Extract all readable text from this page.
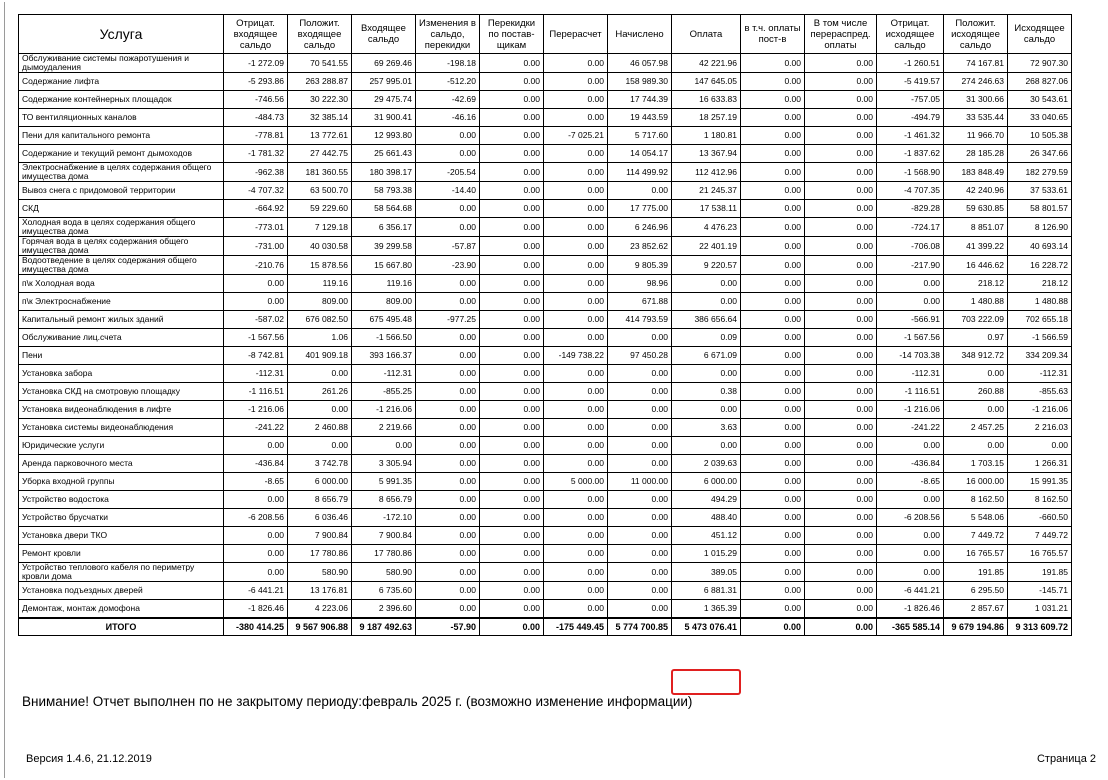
Услуга	Отрицат. входящее сальдо	Положит. входящее сальдо	Входящее сальдо	Изменения в сальдо, перекидки	Перекидки по постав- щикам	Перерасчет	Начислено	Оплата	в т.ч. оплаты пост-в	В том числе перераспред. оплаты	Отрицат. исходящее сальдо	Положит. исходящее сальдо	Исходящее сальдо
Обслуживание системы пожаротушения и дымоудаления	-1 272.09	70 541.55	69 269.46	-198.18	0.00	0.00	46 057.98	42 221.96	0.00	0.00	-1 260.51	74 167.81	72 907.30
Содержание лифта	-5 293.86	263 288.87	257 995.01	-512.20	0.00	0.00	158 989.30	147 645.05	0.00	0.00	-5 419.57	274 246.63	268 827.06
Содержание контейнерных площадок	-746.56	30 222.30	29 475.74	-42.69	0.00	0.00	17 744.39	16 633.83	0.00	0.00	-757.05	31 300.66	30 543.61
ТО вентиляционных каналов	-484.73	32 385.14	31 900.41	-46.16	0.00	0.00	19 443.59	18 257.19	0.00	0.00	-494.79	33 535.44	33 040.65
Пени для капитального ремонта	-778.81	13 772.61	12 993.80	0.00	0.00	-7 025.21	5 717.60	1 180.81	0.00	0.00	-1 461.32	11 966.70	10 505.38
Содержание и текущий ремонт дымоходов	-1 781.32	27 442.75	25 661.43	0.00	0.00	0.00	14 054.17	13 367.94	0.00	0.00	-1 837.62	28 185.28	26 347.66
Электроснабжение в целях содержания общего имущества дома	-962.38	181 360.55	180 398.17	-205.54	0.00	0.00	114 499.92	112 412.96	0.00	0.00	-1 568.90	183 848.49	182 279.59
Вывоз снега с придомовой территории	-4 707.32	63 500.70	58 793.38	-14.40	0.00	0.00	0.00	21 245.37	0.00	0.00	-4 707.35	42 240.96	37 533.61
СКД	-664.92	59 229.60	58 564.68	0.00	0.00	0.00	17 775.00	17 538.11	0.00	0.00	-829.28	59 630.85	58 801.57
Холодная вода в целях содержания общего имущества дома	-773.01	7 129.18	6 356.17	0.00	0.00	0.00	6 246.96	4 476.23	0.00	0.00	-724.17	8 851.07	8 126.90
Горячая вода в целях содержания общего имущества дома	-731.00	40 030.58	39 299.58	-57.87	0.00	0.00	23 852.62	22 401.19	0.00	0.00	-706.08	41 399.22	40 693.14
Водоотведение в целях содержания общего имущества дома	-210.76	15 878.56	15 667.80	-23.90	0.00	0.00	9 805.39	9 220.57	0.00	0.00	-217.90	16 446.62	16 228.72
п\к Холодная вода	0.00	119.16	119.16	0.00	0.00	0.00	98.96	0.00	0.00	0.00	0.00	218.12	218.12
п\к Электроснабжение	0.00	809.00	809.00	0.00	0.00	0.00	671.88	0.00	0.00	0.00	0.00	1 480.88	1 480.88
Капитальный ремонт жилых зданий	-587.02	676 082.50	675 495.48	-977.25	0.00	0.00	414 793.59	386 656.64	0.00	0.00	-566.91	703 222.09	702 655.18
Обслуживание лиц.счета	-1 567.56	1.06	-1 566.50	0.00	0.00	0.00	0.00	0.09	0.00	0.00	-1 567.56	0.97	-1 566.59
Пени	-8 742.81	401 909.18	393 166.37	0.00	0.00	-149 738.22	97 450.28	6 671.09	0.00	0.00	-14 703.38	348 912.72	334 209.34
Установка забора	-112.31	0.00	-112.31	0.00	0.00	0.00	0.00	0.00	0.00	0.00	-112.31	0.00	-112.31
Установка СКД на смотровую площадку	-1 116.51	261.26	-855.25	0.00	0.00	0.00	0.00	0.38	0.00	0.00	-1 116.51	260.88	-855.63
Установка видеонаблюдения в лифте	-1 216.06	0.00	-1 216.06	0.00	0.00	0.00	0.00	0.00	0.00	0.00	-1 216.06	0.00	-1 216.06
Установка системы видеонаблюдения	-241.22	2 460.88	2 219.66	0.00	0.00	0.00	0.00	3.63	0.00	0.00	-241.22	2 457.25	2 216.03
Юридические услуги	0.00	0.00	0.00	0.00	0.00	0.00	0.00	0.00	0.00	0.00	0.00	0.00	0.00
Аренда парковочного места	-436.84	3 742.78	3 305.94	0.00	0.00	0.00	0.00	2 039.63	0.00	0.00	-436.84	1 703.15	1 266.31
Уборка входной группы	-8.65	6 000.00	5 991.35	0.00	0.00	5 000.00	11 000.00	6 000.00	0.00	0.00	-8.65	16 000.00	15 991.35
Устройство водостока	0.00	8 656.79	8 656.79	0.00	0.00	0.00	0.00	494.29	0.00	0.00	0.00	8 162.50	8 162.50
Устройство брусчатки	-6 208.56	6 036.46	-172.10	0.00	0.00	0.00	0.00	488.40	0.00	0.00	-6 208.56	5 548.06	-660.50
Установка двери ТКО	0.00	7 900.84	7 900.84	0.00	0.00	0.00	0.00	451.12	0.00	0.00	0.00	7 449.72	7 449.72
Ремонт кровли	0.00	17 780.86	17 780.86	0.00	0.00	0.00	0.00	1 015.29	0.00	0.00	0.00	16 765.57	16 765.57
Устройство теплового кабеля по периметру кровли дома	0.00	580.90	580.90	0.00	0.00	0.00	0.00	389.05	0.00	0.00	0.00	191.85	191.85
Установка подъездных дверей	-6 441.21	13 176.81	6 735.60	0.00	0.00	0.00	0.00	6 881.31	0.00	0.00	-6 441.21	6 295.50	-145.71
Демонтаж, монтаж домофона	-1 826.46	4 223.06	2 396.60	0.00	0.00	0.00	0.00	1 365.39	0.00	0.00	-1 826.46	2 857.67	1 031.21
ИТОГО	-380 414.25	9 567 906.88	9 187 492.63	-57.90	0.00	-175 449.45	5 774 700.85	5 473 076.41	0.00	0.00	-365 585.14	9 679 194.86	9 313 609.72
Внимание! Отчет выполнен по не закрытому периоду:февраль 2025 г. (возможно изменение информации)
Версия 1.4.6, 21.12.2019	Страница 2
